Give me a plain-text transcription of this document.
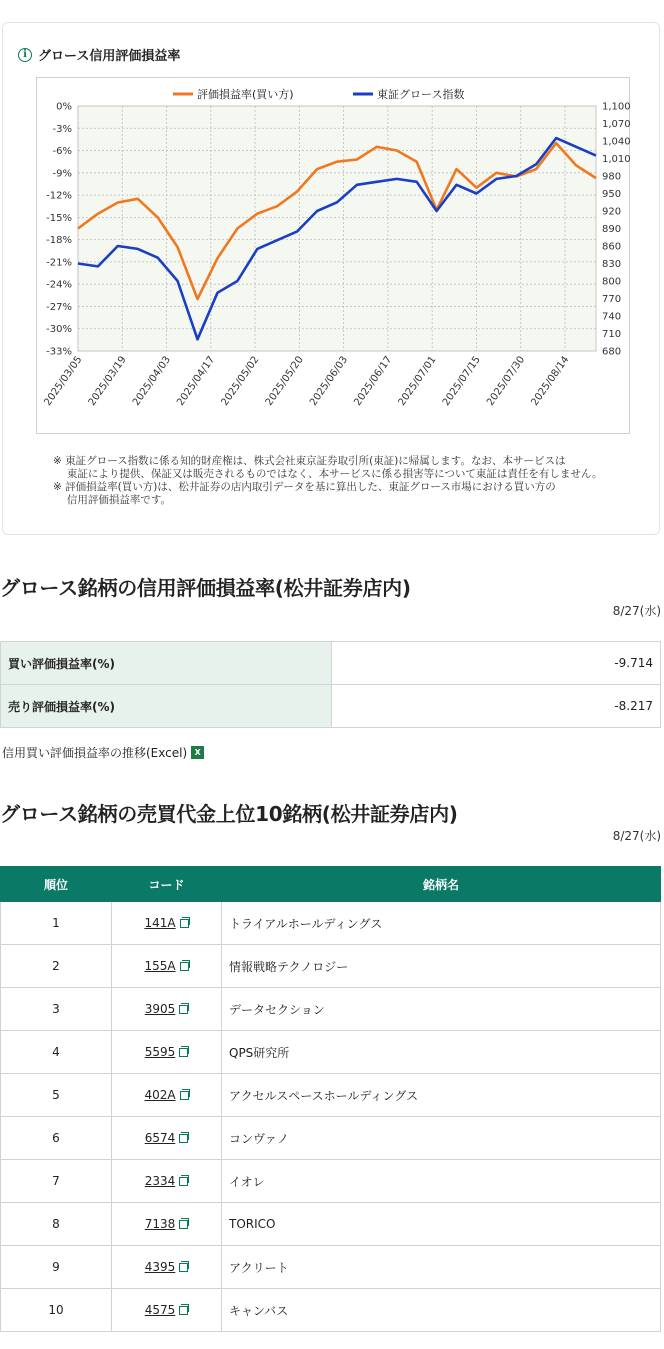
i グロース信用評価損益率
0%
-3%
-6%
-9%
-12%
-15%
-18%
-21%
-24%
-27%
-30%
-33%
1,100
1,070
1,040
1,010
980
950
920
890
860
830
800
770
740
710
680
2025/03/05 2025/03/19 2025/04/03 2025/04/17 2025/05/02 2025/05/20 2025/06/03 2025/06/17 2025/07/01 2025/07/15 2025/07/30 2025/08/14
評価損益率(買い方)	東証グロース指数

※ 東証グロース指数に係る知的財産権は、株式会社東京証券取引所(東証)に帰属します。なお、本サービスは

　 東証により提供、保証又は販売されるものではなく、本サービスに係る損害等について東証は責任を有しません。

※ 評価損益率(買い方)は、松井証券の店内取引データを基に算出した、東証グロース市場における買い方の

　 信用評価損益率です。

グロース銘柄の信用評価損益率(松井証券店内)
8/27(水)
買い評価損益率(%)	-9.714
売り評価損益率(%)	-8.217
信用買い評価損益率の推移(Excel) X
グロース銘柄の売買代金上位10銘柄(松井証券店内)
8/27(水)
順位	コード	銘柄名
1	141A	トライアルホールディングス
2	155A	情報戦略テクノロジー
3	3905	データセクション
4	5595	QPS研究所
5	402A	アクセルスペースホールディングス
6	6574	コンヴァノ
7	2334	イオレ
8	7138	TORICO
9	4395	アクリート
10	4575	キャンバス
